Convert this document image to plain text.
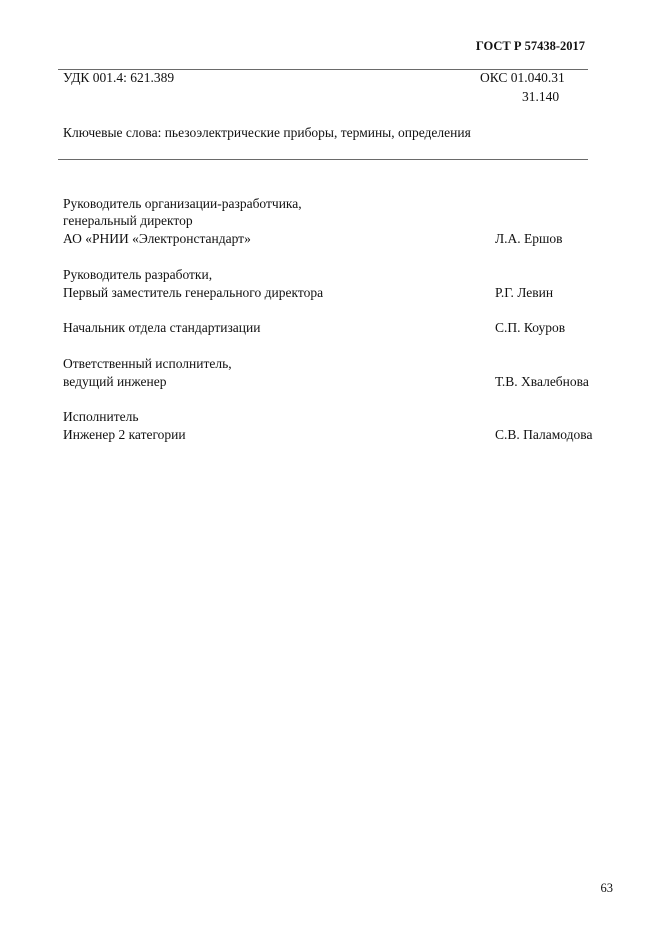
ГОСТ Р 57438-2017
УДК 001.4: 621.389	ОКС 01.040.31
31.140
Ключевые слова: пьезоэлектрические приборы, термины, определения
Руководитель организации-разработчика,
генеральный директор
АО «РНИИ «Электронстандарт»	Л.А. Ершов
Руководитель разработки,
Первый заместитель генерального директора	Р.Г. Левин
Начальник отдела стандартизации	С.П. Коуров
Ответственный исполнитель,
ведущий инженер	Т.В. Хвалебнова
Исполнитель
Инженер 2 категории	С.В. Паламодова
63
